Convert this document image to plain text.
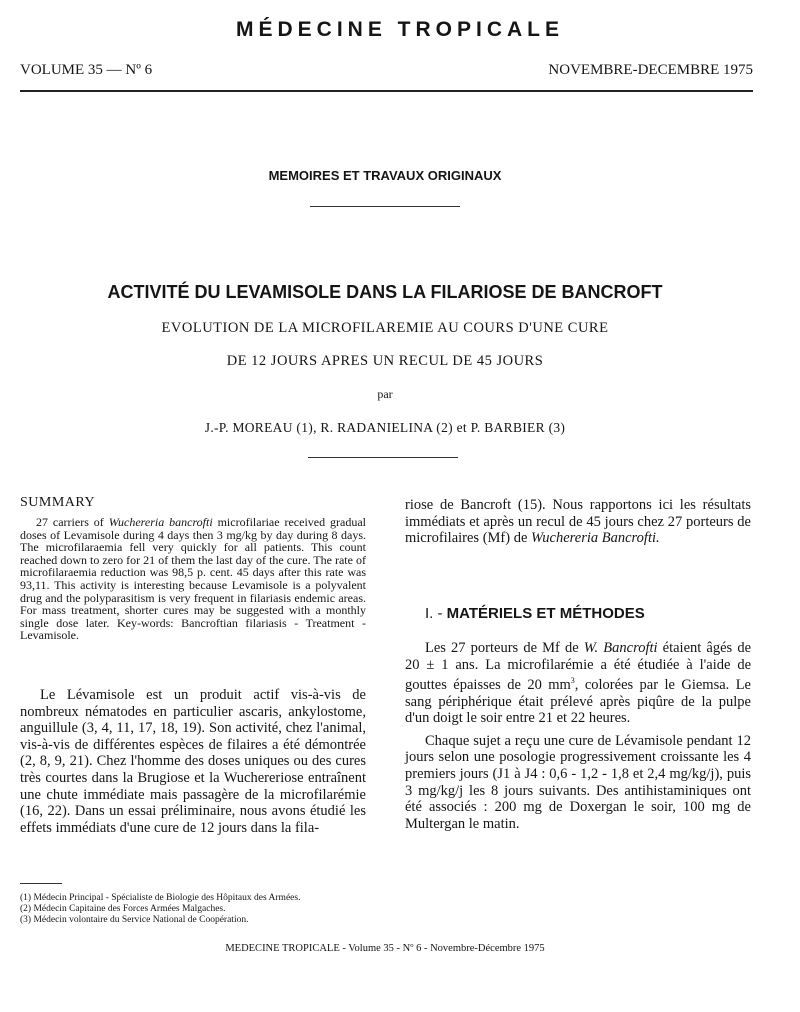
MÉDECINE TROPICALE
VOLUME 35 — Nº 6	NOVEMBRE-DECEMBRE 1975
MEMOIRES ET TRAVAUX ORIGINAUX
ACTIVITÉ DU LEVAMISOLE DANS LA FILARIOSE DE BANCROFT
EVOLUTION DE LA MICROFILAREMIE AU COURS D'UNE CURE
DE 12 JOURS APRES UN RECUL DE 45 JOURS
par
J.-P. MOREAU (1), R. RADANIELINA (2) et P. BARBIER (3)
SUMMARY

27 carriers of Wuchereria bancrofti microfilariae received gradual doses of Levamisole during 4 days then 3 mg/kg by day during 8 days. The microfilaraemia fell very quickly for all patients. This count reached down to zero for 21 of them the last day of the cure. The rate of microfilaraemia reduction was 98,5 p. cent. 45 days after this rate was 93,11. This activity is interesting because Levamisole is a polyvalent drug and the polyparasitism is very frequent in filariasis endemic areas. For mass treatment, shorter cures may be suggested with a monthly single dose later. Key-words: Bancroftian filariasis - Treatment - Levamisole.

Le Lévamisole est un produit actif vis-à-vis de nombreux nématodes en particulier ascaris, ankylostome, anguillule (3, 4, 11, 17, 18, 19). Son activité, chez l'animal, vis-à-vis de différentes espèces de filaires a été démontrée (2, 8, 9, 21). Chez l'homme des doses uniques ou des cures très courtes dans la Brugiose et la Wuchereriose entraînent une chute immédiate mais passagère de la microfilarémie (16, 22). Dans un essai préliminaire, nous avons étudié les effets immédiats d'une cure de 12 jours dans la fila-

riose de Bancroft (15). Nous rapportons ici les résultats immédiats et après un recul de 45 jours chez 27 porteurs de microfilaires (Mf) de Wuchereria Bancrofti.

I. - MATÉRIELS ET MÉTHODES

Les 27 porteurs de Mf de W. Bancrofti étaient âgés de 20 ± 1 ans. La microfilarémie a été étudiée à l'aide de gouttes épaisses de 20 $mm^3$, colorées par le Giemsa. Le sang périphérique était prélevé après piqûre de la pulpe d'un doigt le soir entre 21 et 22 heures.

Chaque sujet a reçu une cure de Lévamisole pendant 12 jours selon une posologie progressivement croissante les 4 premiers jours (J1 à J4 : 0,6 - 1,2 - 1,8 et 2,4 mg/kg/j), puis 3 mg/kg/j les 8 jours suivants. Des antihistaminiques ont été associés : 200 mg de Doxergan le soir, 100 mg de Multergan le matin.

(1) Médecin Principal - Spécialiste de Biologie des Hôpitaux des Armées.
(2) Médecin Capitaine des Forces Armées Malgaches.
(3) Médecin volontaire du Service National de Coopération.
MEDECINE TROPICALE - Volume 35 - Nº 6 - Novembre-Décembre 1975
